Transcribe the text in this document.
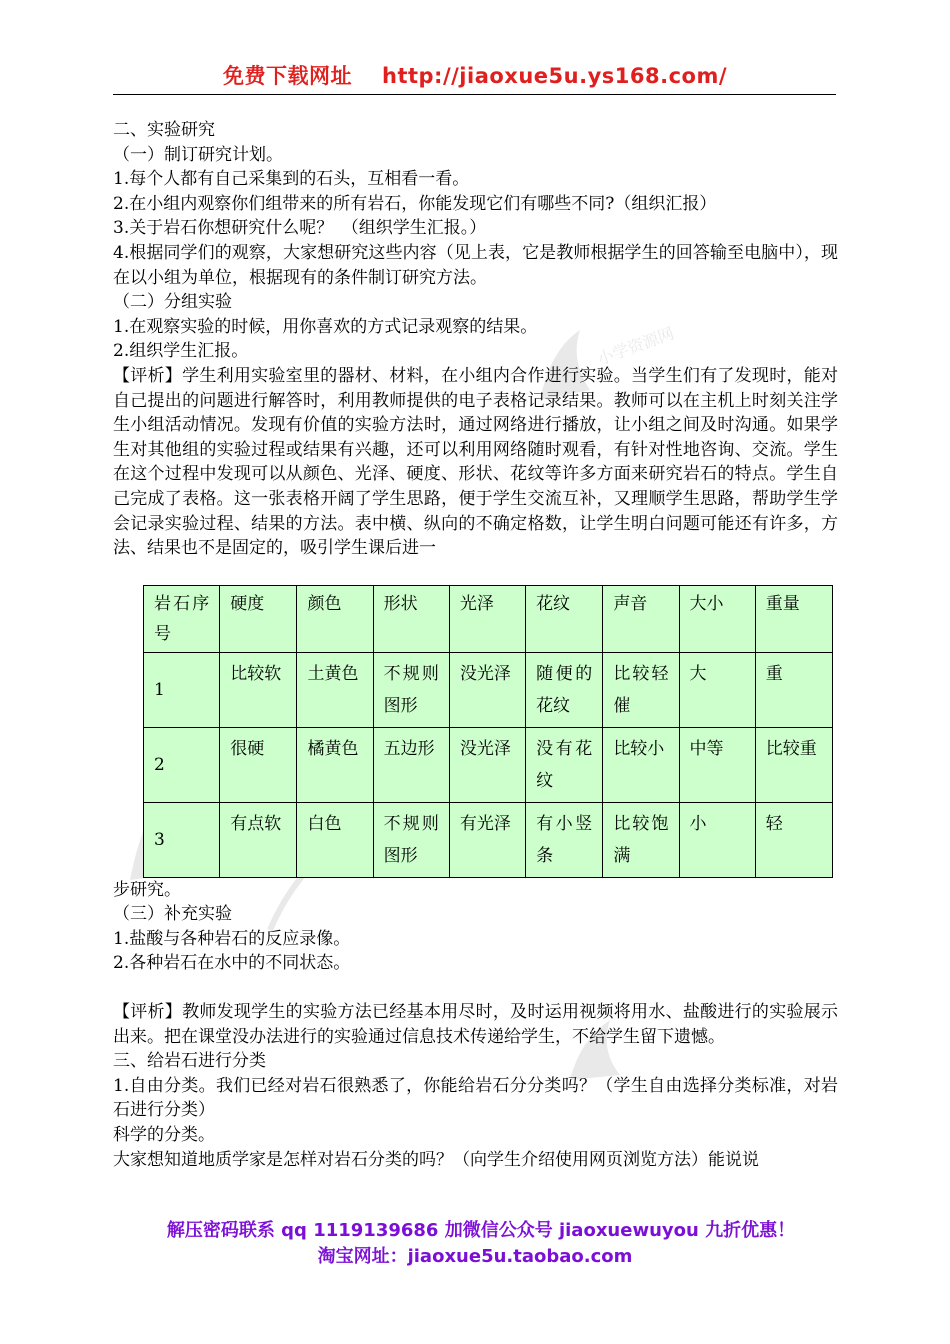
小学资源网
免费下载网址 http://jiaoxue5u.ys168.com/

二、实验研究

（一）制订研究计划。

1.每个人都有自己采集到的石头，互相看一看。

2.在小组内观察你们组带来的所有岩石，你能发现它们有哪些不同?（组织汇报）

3.关于岩石你想研究什么呢？　（组织学生汇报。）

4.根据同学们的观察，大家想研究这些内容（见上表，它是教师根据学生的回答输至电脑中），现在以小组为单位，根据现有的条件制订研究方法。

（二）分组实验

1.在观察实验的时候，用你喜欢的方式记录观察的结果。

2.组织学生汇报。

【评析】学生利用实验室里的器材、材料，在小组内合作进行实验。当学生们有了发现时，能对自己提出的问题进行解答时，利用教师提供的电子表格记录结果。教师可以在主机上时刻关注学生小组活动情况。发现有价值的实验方法时，通过网络进行播放，让小组之间及时沟通。如果学生对其他组的实验过程或结果有兴趣，还可以利用网络随时观看，有针对性地咨询、交流。学生在这个过程中发现可以从颜色、光泽、硬度、形状、花纹等许多方面来研究岩石的特点。学生自己完成了表格。这一张表格开阔了学生思路，便于学生交流互补，又理顺学生思路，帮助学生学会记录实验过程、结果的方法。表中横、纵向的不确定格数，让学生明白问题可能还有许多，方法、结果也不是固定的，吸引学生课后进一

岩石序号	硬度	颜色	形状	光泽	花纹	声音	大小	重量
1	比较软	土黄色	不规则图形	没光泽	随便的花纹	比较轻催	大	重
2	很硬	橘黄色	五边形	没光泽	没有花纹	比较小	中等	比较重
3	有点软	白色	不规则图形	有光泽	有小竖条	比较饱满	小	轻

步研究。

（三）补充实验

1.盐酸与各种岩石的反应录像。

2.各种岩石在水中的不同状态。

【评析】教师发现学生的实验方法已经基本用尽时，及时运用视频将用水、盐酸进行的实验展示出来。把在课堂没办法进行的实验通过信息技术传递给学生，不给学生留下遗憾。

三、给岩石进行分类

1.自由分类。我们已经对岩石很熟悉了，你能给岩石分分类吗？（学生自由选择分类标准，对岩石进行分类）

科学的分类。

大家想知道地质学家是怎样对岩石分类的吗？（向学生介绍使用网页浏览方法）能说说

解压密码联系 qq 1119139686 加微信公众号 jiaoxuewuyou 九折优惠！
淘宝网址：jiaoxue5u.taobao.com
